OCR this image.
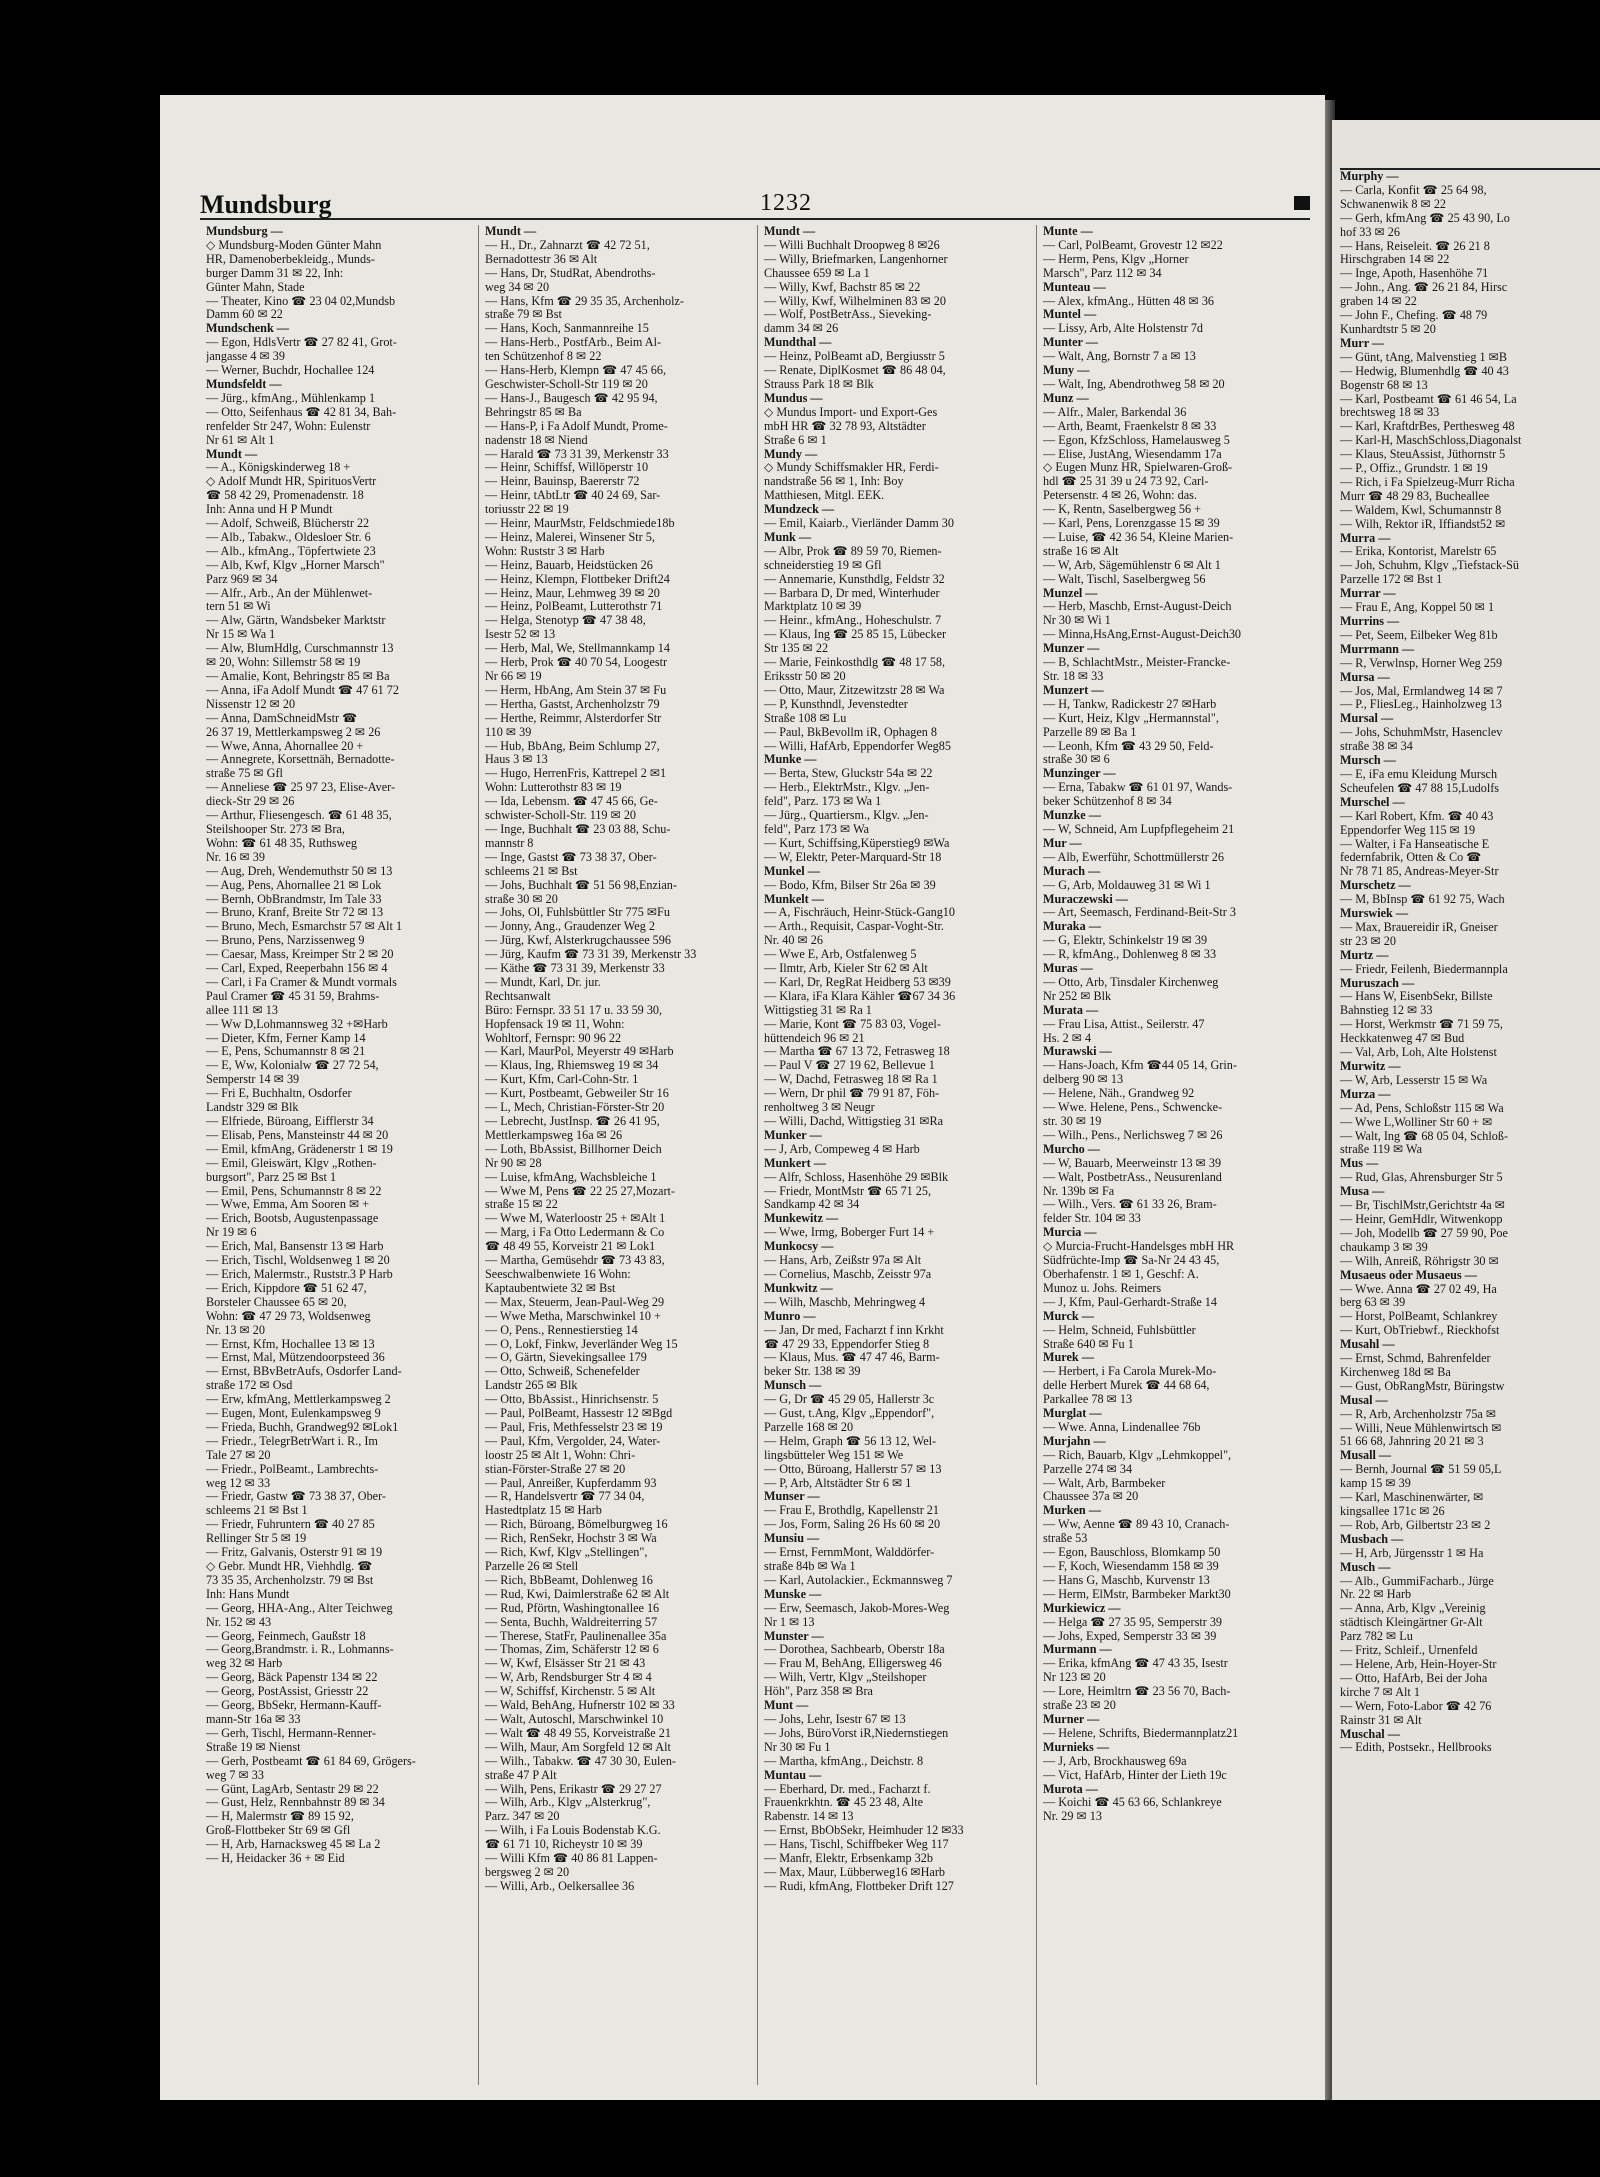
Mundsburg	1232
Mundsburg —
◇ Mundsburg-Moden Günter Mahn
HR, Damenoberbekleidg., Munds-
burger Damm 31 ✉ 22, Inh:
Günter Mahn, Stade
— Theater, Kino ☎ 23 04 02,Mundsb
Damm 60 ✉ 22
Mundschenk —
— Egon, HdlsVertr ☎ 27 82 41, Grot-
jangasse 4 ✉ 39
— Werner, Buchdr, Hochallee 124
Mundsfeldt —
— Jürg., kfmAng., Mühlenkamp 1
— Otto, Seifenhaus ☎ 42 81 34, Bah-
renfelder Str 247, Wohn: Eulenstr
Nr 61 ✉ Alt 1
Mundt —
— A., Königskinderweg 18 +
◇ Adolf Mundt HR, SpirituosVertr
☎ 58 42 29, Promenadenstr. 18
Inh: Anna und H P Mundt
— Adolf, Schweiß, Blücherstr 22
— Alb., Tabakw., Oldesloer Str. 6
— Alb., kfmAng., Töpfertwiete 23
— Alb, Kwf, Klgv „Horner Marsch"
Parz 969 ✉ 34
— Alfr., Arb., An der Mühlenwet-
tern 51 ✉ Wi
— Alw, Gärtn, Wandsbeker Marktstr
Nr 15 ✉ Wa 1
— Alw, BlumHdlg, Curschmannstr 13
✉ 20, Wohn: Sillemstr 58 ✉ 19
— Amalie, Kont, Behringstr 85 ✉ Ba
— Anna, iFa Adolf Mundt ☎ 47 61 72
Nissenstr 12 ✉ 20
— Anna, DamSchneidMstr ☎
26 37 19, Mettlerkampsweg 2 ✉ 26
— Wwe, Anna, Ahornallee 20 +
— Annegrete, Korsettnäh, Bernadotte-
straße 75 ✉ Gfl
— Anneliese ☎ 25 97 23, Elise-Aver-
dieck-Str 29 ✉ 26
— Arthur, Fliesengesch. ☎ 61 48 35,
Steilshooper Str. 273 ✉ Bra,
Wohn: ☎ 61 48 35, Ruthsweg
Nr. 16 ✉ 39
— Aug, Dreh, Wendemuthstr 50 ✉ 13
— Aug, Pens, Ahornallee 21 ✉ Lok
— Bernh, ObBrandmstr, Im Tale 33
— Bruno, Kranf, Breite Str 72 ✉ 13
— Bruno, Mech, Esmarchstr 57 ✉ Alt 1
— Bruno, Pens, Narzissenweg 9
— Caesar, Mass, Kreimper Str 2 ✉ 20
— Carl, Exped, Reeperbahn 156 ✉ 4
— Carl, i Fa Cramer & Mundt vormals
Paul Cramer ☎ 45 31 59, Brahms-
allee 111 ✉ 13
— Ww D,Lohmannsweg 32 +✉Harb
— Dieter, Kfm, Ferner Kamp 14
— E, Pens, Schumannstr 8 ✉ 21
— E, Ww, Kolonialw ☎ 27 72 54,
Semperstr 14 ✉ 39
— Fri E, Buchhaltn, Osdorfer
Landstr 329 ✉ Blk
— Elfriede, Büroang, Eifflerstr 34
— Elisab, Pens, Mansteinstr 44 ✉ 20
— Emil, kfmAng, Grädenerstr 1 ✉ 19
— Emil, Gleiswärt, Klgv „Rothen-
burgsort", Parz 25 ✉ Bst 1
— Emil, Pens, Schumannstr 8 ✉ 22
— Wwe, Emma, Am Sooren ✉ +
— Erich, Bootsb, Augustenpassage
Nr 19 ✉ 6
— Erich, Mal, Bansenstr 13 ✉ Harb
— Erich, Tischl, Woldsenweg 1 ✉ 20
— Erich, Malermstr., Ruststr.3 P Harb
— Erich, Kippdore ☎ 51 62 47,
Borsteler Chaussee 65 ✉ 20,
Wohn: ☎ 47 29 73, Woldsenweg
Nr. 13 ✉ 20
— Ernst, Kfm, Hochallee 13 ✉ 13
— Ernst, Mal, Mützendoorpsteed 36
— Ernst, BBvBetrAufs, Osdorfer Land-
straße 172 ✉ Osd
— Erw, kfmAng, Mettlerkampsweg 2
— Eugen, Mont, Eulenkampsweg 9
— Frieda, Buchh, Grandweg92 ✉Lok1
— Friedr., TelegrBetrWart i. R., Im
Tale 27 ✉ 20
— Friedr., PolBeamt., Lambrechts-
weg 12 ✉ 33
— Friedr, Gastw ☎ 73 38 37, Ober-
schleems 21 ✉ Bst 1
— Friedr, Fuhruntern ☎ 40 27 85
Rellinger Str 5 ✉ 19
— Fritz, Galvanis, Osterstr 91 ✉ 19
◇ Gebr. Mundt HR, Viehhdlg. ☎
73 35 35, Archenholzstr. 79 ✉ Bst
Inh: Hans Mundt
— Georg, HHA-Ang., Alter Teichweg
Nr. 152 ✉ 43
— Georg, Feinmech, Gaußstr 18
— Georg,Brandmstr. i. R., Lohmanns-
weg 32 ✉ Harb
— Georg, Bäck Papenstr 134 ✉ 22
— Georg, PostAssist, Griesstr 22
— Georg, BbSekr, Hermann-Kauff-
mann-Str 16a ✉ 33
— Gerh, Tischl, Hermann-Renner-
Straße 19 ✉ Nienst
— Gerh, Postbeamt ☎ 61 84 69, Grögers-
weg 7 ✉ 33
— Günt, LagArb, Sentastr 29 ✉ 22
— Gust, Helz, Rennbahnstr 89 ✉ 34
— H, Malermstr ☎ 89 15 92,
Groß-Flottbeker Str 69 ✉ Gfl
— H, Arb, Harnacksweg 45 ✉ La 2
— H, Heidacker 36 + ✉ Eid
Mundt —
— H., Dr., Zahnarzt ☎ 42 72 51,
Bernadottestr 36 ✉ Alt
— Hans, Dr, StudRat, Abendroths-
weg 34 ✉ 20
— Hans, Kfm ☎ 29 35 35, Archenholz-
straße 79 ✉ Bst
— Hans, Koch, Sanmannreihe 15
— Hans-Herb., PostfArb., Beim Al-
ten Schützenhof 8 ✉ 22
— Hans-Herb, Klempn ☎ 47 45 66,
Geschwister-Scholl-Str 119 ✉ 20
— Hans-J., Baugesch ☎ 42 95 94,
Behringstr 85 ✉ Ba
— Hans-P, i Fa Adolf Mundt, Prome-
nadenstr 18 ✉ Niend
— Harald ☎ 73 31 39, Merkenstr 33
— Heinr, Schiffsf, Willöperstr 10
— Heinr, Bauinsp, Baererstr 72
— Heinr, tAbtLtr ☎ 40 24 69, Sar-
toriusstr 22 ✉ 19
— Heinr, MaurMstr, Feldschmiede18b
— Heinz, Malerei, Winsener Str 5,
Wohn: Ruststr 3 ✉ Harb
— Heinz, Bauarb, Heidstücken 26
— Heinz, Klempn, Flottbeker Drift24
— Heinz, Maur, Lehmweg 39 ✉ 20
— Heinz, PolBeamt, Lutterothstr 71
— Helga, Stenotyp ☎ 47 38 48,
Isestr 52 ✉ 13
— Herb, Mal, We, Stellmannkamp 14
— Herb, Prok ☎ 40 70 54, Loogestr
Nr 66 ✉ 19
— Herm, HbAng, Am Stein 37 ✉ Fu
— Hertha, Gastst, Archenholzstr 79
— Herthe, Reimmr, Alsterdorfer Str
110 ✉ 39
— Hub, BbAng, Beim Schlump 27,
Haus 3 ✉ 13
— Hugo, HerrenFris, Kattrepel 2 ✉1
Wohn: Lutterothstr 83 ✉ 19
— Ida, Lebensm. ☎ 47 45 66, Ge-
schwister-Scholl-Str. 119 ✉ 20
— Inge, Buchhalt ☎ 23 03 88, Schu-
mannstr 8
— Inge, Gastst ☎ 73 38 37, Ober-
schleems 21 ✉ Bst
— Johs, Buchhalt ☎ 51 56 98,Enzian-
straße 30 ✉ 20
— Johs, Ol, Fuhlsbüttler Str 775 ✉Fu
— Jonny, Ang., Graudenzer Weg 2
— Jürg, Kwf, Alsterkrugchaussee 596
— Jürg, Kaufm ☎ 73 31 39, Merkenstr 33
— Käthe ☎ 73 31 39, Merkenstr 33
— Mundt, Karl, Dr. jur.
Rechtsanwalt
Büro: Fernspr. 33 51 17 u. 33 59 30,
Hopfensack 19 ✉ 11, Wohn:
Wohltorf, Fernspr: 90 96 22
— Karl, MaurPol, Meyerstr 49 ✉Harb
— Klaus, Ing, Rhiemsweg 19 ✉ 34
— Kurt, Kfm, Carl-Cohn-Str. 1
— Kurt, Postbeamt, Gebweiler Str 16
— L, Mech, Christian-Förster-Str 20
— Lebrecht, JustInsp. ☎ 26 41 95,
Mettlerkampsweg 16a ✉ 26
— Loth, BbAssist, Billhorner Deich
Nr 90 ✉ 28
— Luise, kfmAng, Wachsbleiche 1
— Wwe M, Pens ☎ 22 25 27,Mozart-
straße 15 ✉ 22
— Wwe M, Waterloostr 25 + ✉Alt 1
— Marg, i Fa Otto Ledermann & Co
☎ 48 49 55, Korveistr 21 ✉ Lok1
— Martha, Gemüsehdr ☎ 73 43 83,
Seeschwalbenwiete 16 Wohn:
Kaptaubentwiete 32 ✉ Bst
— Max, Steuerm, Jean-Paul-Weg 29
— Wwe Metha, Marschwinkel 10 +
— O, Pens., Rennestierstieg 14
— O, Lokf, Finkw, Jeverländer Weg 15
— O, Gärtn, Sievekingsallee 179
— Otto, Schweiß, Schenefelder
Landstr 265 ✉ Blk
— Otto, BbAssist., Hinrichsenstr. 5
— Paul, PolBeamt, Hassestr 12 ✉Bgd
— Paul, Fris, Methfesselstr 23 ✉ 19
— Paul, Kfm, Vergolder, 24, Water-
loostr 25 ✉ Alt 1, Wohn: Chri-
stian-Förster-Straße 27 ✉ 20
— Paul, Anreißer, Kupferdamm 93
— R, Handelsvertr ☎ 77 34 04,
Hastedtplatz 15 ✉ Harb
— Rich, Büroang, Bömelburgweg 16
— Rich, RenSekr, Hochstr 3 ✉ Wa
— Rich, Kwf, Klgv „Stellingen",
Parzelle 26 ✉ Stell
— Rich, BbBeamt, Dohlenweg 16
— Rud, Kwi, Daimlerstraße 62 ✉ Alt
— Rud, Pförtn, Washingtonallee 16
— Senta, Buchh, Waldreiterring 57
— Therese, StatFr, Paulinenallee 35a
— Thomas, Zim, Schäferstr 12 ✉ 6
— W, Kwf, Elsässer Str 21 ✉ 43
— W, Arb, Rendsburger Str 4 ✉ 4
— W, Schiffsf, Kirchenstr. 5 ✉ Alt
— Wald, BehAng, Hufnerstr 102 ✉ 33
— Walt, Autoschl, Marschwinkel 10
— Walt ☎ 48 49 55, Korveistraße 21
— Wilh, Maur, Am Sorgfeld 12 ✉ Alt
— Wilh., Tabakw. ☎ 47 30 30, Eulen-
straße 47 P Alt
— Wilh, Pens, Erikastr ☎ 29 27 27
— Wilh, Arb., Klgv „Alsterkrug",
Parz. 347 ✉ 20
— Wilh, i Fa Louis Bodenstab K.G.
☎ 61 71 10, Richeystr 10 ✉ 39
— Willi Kfm ☎ 40 86 81 Lappen-
bergsweg 2 ✉ 20
— Willi, Arb., Oelkersallee 36
Mundt —
— Willi Buchhalt Droopweg 8 ✉26
— Willy, Briefmarken, Langenhorner
Chaussee 659 ✉ La 1
— Willy, Kwf, Bachstr 85 ✉ 22
— Willy, Kwf, Wilhelminen 83 ✉ 20
— Wolf, PostBetrAss., Sieveking-
damm 34 ✉ 26
Mundthal —
— Heinz, PolBeamt aD, Bergiusstr 5
— Renate, DiplKosmet ☎ 86 48 04,
Strauss Park 18 ✉ Blk
Mundus —
◇ Mundus Import- und Export-Ges
mbH HR ☎ 32 78 93, Altstädter
Straße 6 ✉ 1
Mundy —
◇ Mundy Schiffsmakler HR, Ferdi-
nandstraße 56 ✉ 1, Inh: Boy
Matthiesen, Mitgl. EEK.
Mundzeck —
— Emil, Kaiarb., Vierländer Damm 30
Munk —
— Albr, Prok ☎ 89 59 70, Riemen-
schneiderstieg 19 ✉ Gfl
— Annemarie, Kunsthdlg, Feldstr 32
— Barbara D, Dr med, Winterhuder
Marktplatz 10 ✉ 39
— Heinr., kfmAng., Hoheschulstr. 7
— Klaus, Ing ☎ 25 85 15, Lübecker
Str 135 ✉ 22
— Marie, Feinkosthdlg ☎ 48 17 58,
Eriksstr 50 ✉ 20
— Otto, Maur, Zitzewitzstr 28 ✉ Wa
— P, Kunsthndl, Jevenstedter
Straße 108 ✉ Lu
— Paul, BkBevollm iR, Ophagen 8
— Willi, HafArb, Eppendorfer Weg85
Munke —
— Berta, Stew, Gluckstr 54a ✉ 22
— Herb., ElektrMstr., Klgv. „Jen-
feld", Parz. 173 ✉ Wa 1
— Jürg., Quartiersm., Klgv. „Jen-
feld", Parz 173 ✉ Wa
— Kurt, Schiffsing,Küperstieg9 ✉Wa
— W, Elektr, Peter-Marquard-Str 18
Munkel —
— Bodo, Kfm, Bilser Str 26a ✉ 39
Munkelt —
— A, Fischräuch, Heinr-Stück-Gang10
— Arth., Requisit, Caspar-Voght-Str.
Nr. 40 ✉ 26
— Wwe E, Arb, Ostfalenweg 5
— Ilmtr, Arb, Kieler Str 62 ✉ Alt
— Karl, Dr, RegRat Heidberg 53 ✉39
— Klara, iFa Klara Kähler ☎67 34 36
Wittigstieg 31 ✉ Ra 1
— Marie, Kont ☎ 75 83 03, Vogel-
hüttendeich 96 ✉ 21
— Martha ☎ 67 13 72, Fetrasweg 18
— Paul V ☎ 27 19 62, Bellevue 1
— W, Dachd, Fetrasweg 18 ✉ Ra 1
— Wern, Dr phil ☎ 79 91 87, Föh-
renholtweg 3 ✉ Neugr
— Willi, Dachd, Wittigstieg 31 ✉Ra
Munker —
— J, Arb, Compeweg 4 ✉ Harb
Munkert —
— Alfr, Schloss, Hasenhöhe 29 ✉Blk
— Friedr, MontMstr ☎ 65 71 25,
Sandkamp 42 ✉ 34
Munkewitz —
— Wwe, Irmg, Boberger Furt 14 +
Munkocsy —
— Hans, Arb, Zeißstr 97a ✉ Alt
— Cornelius, Maschb, Zeisstr 97a
Munkwitz —
— Wilh, Maschb, Mehringweg 4
Munro —
— Jan, Dr med, Facharzt f inn Krkht
☎ 47 29 33, Eppendorfer Stieg 8
— Klaus, Mus. ☎ 47 47 46, Barm-
beker Str. 138 ✉ 39
Munsch —
— G, Dr ☎ 45 29 05, Hallerstr 3c
— Gust, t.Ang, Klgv „Eppendorf",
Parzelle 168 ✉ 20
— Helm, Graph ☎ 56 13 12, Wel-
lingsbütteler Weg 151 ✉ We
— Otto, Büroang, Hallerstr 57 ✉ 13
— P, Arb, Altstädter Str 6 ✉ 1
Munser —
— Frau E, Brothdlg, Kapellenstr 21
— Jos, Form, Saling 26 Hs 60 ✉ 20
Munsiu —
— Ernst, FernmMont, Walddörfer-
straße 84b ✉ Wa 1
— Karl, Autolackier., Eckmannsweg 7
Munske —
— Erw, Seemasch, Jakob-Mores-Weg
Nr 1 ✉ 13
Munster —
— Dorothea, Sachbearb, Oberstr 18a
— Frau M, BehAng, Elligersweg 46
— Wilh, Vertr, Klgv „Steilshoper
Höh", Parz 358 ✉ Bra
Munt —
— Johs, Lehr, Isestr 67 ✉ 13
— Johs, BüroVorst iR,Niedernstiegen
Nr 30 ✉ Fu 1
— Martha, kfmAng., Deichstr. 8
Muntau —
— Eberhard, Dr. med., Facharzt f.
Frauenkrkhtn. ☎ 45 23 48, Alte
Rabenstr. 14 ✉ 13
— Ernst, BbObSekr, Heimhuder 12 ✉33
— Hans, Tischl, Schiffbeker Weg 117
— Manfr, Elektr, Erbsenkamp 32b
— Max, Maur, Lübberweg16 ✉Harb
— Rudi, kfmAng, Flottbeker Drift 127
Munte —
— Carl, PolBeamt, Grovestr 12 ✉22
— Herm, Pens, Klgv „Horner
Marsch", Parz 112 ✉ 34
Munteau —
— Alex, kfmAng., Hütten 48 ✉ 36
Muntel —
— Lissy, Arb, Alte Holstenstr 7d
Munter —
— Walt, Ang, Bornstr 7 a ✉ 13
Muny —
— Walt, Ing, Abendrothweg 58 ✉ 20
Munz —
— Alfr., Maler, Barkendal 36
— Arth, Beamt, Fraenkelstr 8 ✉ 33
— Egon, KfzSchloss, Hamelausweg 5
— Elise, JustAng, Wiesendamm 17a
◇ Eugen Munz HR, Spielwaren-Groß-
hdl ☎ 25 31 39 u 24 73 92, Carl-
Petersenstr. 4 ✉ 26, Wohn: das.
— K, Rentn, Saselbergweg 56 +
— Karl, Pens, Lorenzgasse 15 ✉ 39
— Luise, ☎ 42 36 54, Kleine Marien-
straße 16 ✉ Alt
— W, Arb, Sägemühlenstr 6 ✉ Alt 1
— Walt, Tischl, Saselbergweg 56
Munzel —
— Herb, Maschb, Ernst-August-Deich
Nr 30 ✉ Wi 1
— Minna,HsAng,Ernst-August-Deich30
Munzer —
— B, SchlachtMstr., Meister-Francke-
Str. 18 ✉ 33
Munzert —
— H, Tankw, Radickestr 27 ✉Harb
— Kurt, Heiz, Klgv „Hermannstal",
Parzelle 89 ✉ Ba 1
— Leonh, Kfm ☎ 43 29 50, Feld-
straße 30 ✉ 6
Munzinger —
— Erna, Tabakw ☎ 61 01 97, Wands-
beker Schützenhof 8 ✉ 34
Munzke —
— W, Schneid, Am Lupfpflegeheim 21
Mur —
— Alb, Ewerführ, Schottmüllerstr 26
Murach —
— G, Arb, Moldauweg 31 ✉ Wi 1
Muraczewski —
— Art, Seemasch, Ferdinand-Beit-Str 3
Muraka —
— G, Elektr, Schinkelstr 19 ✉ 39
— R, kfmAng., Dohlenweg 8 ✉ 33
Muras —
— Otto, Arb, Tinsdaler Kirchenweg
Nr 252 ✉ Blk
Murata —
— Frau Lisa, Attist., Seilerstr. 47
Hs. 2 ✉ 4
Murawski —
— Hans-Joach, Kfm ☎44 05 14, Grin-
delberg 90 ✉ 13
— Helene, Näh., Grandweg 92
— Wwe. Helene, Pens., Schwencke-
str. 30 ✉ 19
— Wilh., Pens., Nerlichsweg 7 ✉ 26
Murcho —
— W, Bauarb, Meerweinstr 13 ✉ 39
— Walt, PostbetrAss., Neusurenland
Nr. 139b ✉ Fa
— Wilh., Vers. ☎ 61 33 26, Bram-
felder Str. 104 ✉ 33
Murcia —
◇ Murcia-Frucht-Handelsges mbH HR
Südfrüchte-Imp ☎ Sa-Nr 24 43 45,
Oberhafenstr. 1 ✉ 1, Geschf: A.
Munoz u. Johs. Reimers
— J, Kfm, Paul-Gerhardt-Straße 14
Murck —
— Helm, Schneid, Fuhlsbüttler
Straße 640 ✉ Fu 1
Murek —
— Herbert, i Fa Carola Murek-Mo-
delle Herbert Murek ☎ 44 68 64,
Parkallee 78 ✉ 13
Murglat —
— Wwe. Anna, Lindenallee 76b
Murjahn —
— Rich, Bauarb, Klgv „Lehmkoppel",
Parzelle 274 ✉ 34
— Walt, Arb, Barmbeker
Chaussee 37a ✉ 20
Murken —
— Ww, Aenne ☎ 89 43 10, Cranach-
straße 53
— Egon, Bauschloss, Blomkamp 50
— F, Koch, Wiesendamm 158 ✉ 39
— Hans G, Maschb, Kurvenstr 13
— Herm, ElMstr, Barmbeker Markt30
Murkiewicz —
— Helga ☎ 27 35 95, Semperstr 39
— Johs, Exped, Semperstr 33 ✉ 39
Murmann —
— Erika, kfmAng ☎ 47 43 35, Isestr
Nr 123 ✉ 20
— Lore, Heimltrn ☎ 23 56 70, Bach-
straße 23 ✉ 20
Murner —
— Helene, Schrifts, Biedermannplatz21
Murnieks —
— J, Arb, Brockhausweg 69a
— Vict, HafArb, Hinter der Lieth 19c
Murota —
— Koichi ☎ 45 63 66, Schlankreye
Nr. 29 ✉ 13
Murphy —
— Carla, Konfit ☎ 25 64 98,
Schwanenwik 8 ✉ 22
— Gerh, kfmAng ☎ 25 43 90, Lo
hof 33 ✉ 26
— Hans, Reiseleit. ☎ 26 21 8
Hirschgraben 14 ✉ 22
— Inge, Apoth, Hasenhöhe 71
— John., Ang. ☎ 26 21 84, Hirsc
graben 14 ✉ 22
— John F., Chefing. ☎ 48 79
Kunhardtstr 5 ✉ 20
Murr —
— Günt, tAng, Malvenstieg 1 ✉B
— Hedwig, Blumenhdlg ☎ 40 43
Bogenstr 68 ✉ 13
— Karl, Postbeamt ☎ 61 46 54, La
brechtsweg 18 ✉ 33
— Karl, KraftdrBes, Perthesweg 48
— Karl-H, MaschSchloss,Diagonalst
— Klaus, SteuAssist, Jüthornstr 5
— P., Offiz., Grundstr. 1 ✉ 19
— Rich, i Fa Spielzeug-Murr Richa
Murr ☎ 48 29 83, Bucheallee
— Waldem, Kwl, Schumannstr 8
— Wilh, Rektor iR, Iffiandst52 ✉
Murra —
— Erika, Kontorist, Marelstr 65
— Joh, Schuhm, Klgv „Tiefstack-Sü
Parzelle 172 ✉ Bst 1
Murrar —
— Frau E, Ang, Koppel 50 ✉ 1
Murrins —
— Pet, Seem, Eilbeker Weg 81b
Murrmann —
— R, Verwlnsp, Horner Weg 259
Mursa —
— Jos, Mal, Ermlandweg 14 ✉ 7
— P., FliesLeg., Hainholzweg 13
Mursal —
— Johs, SchuhmMstr, Hasenclev
straße 38 ✉ 34
Mursch —
— E, iFa emu Kleidung Mursch
Scheufelen ☎ 47 88 15,Ludolfs
Murschel —
— Karl Robert, Kfm. ☎ 40 43
Eppendorfer Weg 115 ✉ 19
— Walter, i Fa Hanseatische E
federnfabrik, Otten & Co ☎
Nr 78 71 85, Andreas-Meyer-Str
Murschetz —
— M, BbInsp ☎ 61 92 75, Wach
Murswiek —
— Max, Brauereidir iR, Gneiser
str 23 ✉ 20
Murtz —
— Friedr, Feilenh, Biedermannpla
Muruszach —
— Hans W, EisenbSekr, Billste
Bahnstieg 12 ✉ 33
— Horst, Werkmstr ☎ 71 59 75,
Heckkatenweg 47 ✉ Bud
— Val, Arb, Loh, Alte Holstenst
Murwitz —
— W, Arb, Lesserstr 15 ✉ Wa
Murza —
— Ad, Pens, Schloßstr 115 ✉ Wa
— Wwe L,Wolliner Str 60 + ✉
— Walt, Ing ☎ 68 05 04, Schloß-
straße 119 ✉ Wa
Mus —
— Rud, Glas, Ahrensburger Str 5
Musa —
— Br, TischlMstr,Gerichtstr 4a ✉
— Heinr, GemHdlr, Witwenkopp
— Joh, Modellb ☎ 27 59 90, Poe
chaukamp 3 ✉ 39
— Wilh, Anreiß, Röhrigstr 30 ✉
Musaeus oder Musaeus —
— Wwe. Anna ☎ 27 02 49, Ha
berg 63 ✉ 39
— Horst, PolBeamt, Schlankrey
— Kurt, ObTriebwf., Rieckhofst
Musahl —
— Ernst, Schmd, Bahrenfelder
Kirchenweg 18d ✉ Ba
— Gust, ObRangMstr, Büringstw
Musal —
— R, Arb, Archenholzstr 75a ✉
— Willi, Neue Mühlenwirtsch ✉
51 66 68, Jahnring 20 21 ✉ 3
Musall —
— Bernh, Journal ☎ 51 59 05,L
kamp 15 ✉ 39
— Karl, Maschinenwärter, ✉
kingsallee 171c ✉ 26
— Rob, Arb, Gilbertstr 23 ✉ 2
Musbach —
— H, Arb, Jürgensstr 1 ✉ Ha
Musch —
— Alb., GummiFacharb., Jürge
Nr. 22 ✉ Harb
— Anna, Arb, Klgv „Vereinig
städtisch Kleingärtner Gr-Alt
Parz 782 ✉ Lu
— Fritz, Schleif., Urnenfeld
— Helene, Arb, Hein-Hoyer-Str
— Otto, HafArb, Bei der Joha
kirche 7 ✉ Alt 1
— Wern, Foto-Labor ☎ 42 76
Rainstr 31 ✉ Alt
Muschal —
— Edith, Postsekr., Hellbrooks
